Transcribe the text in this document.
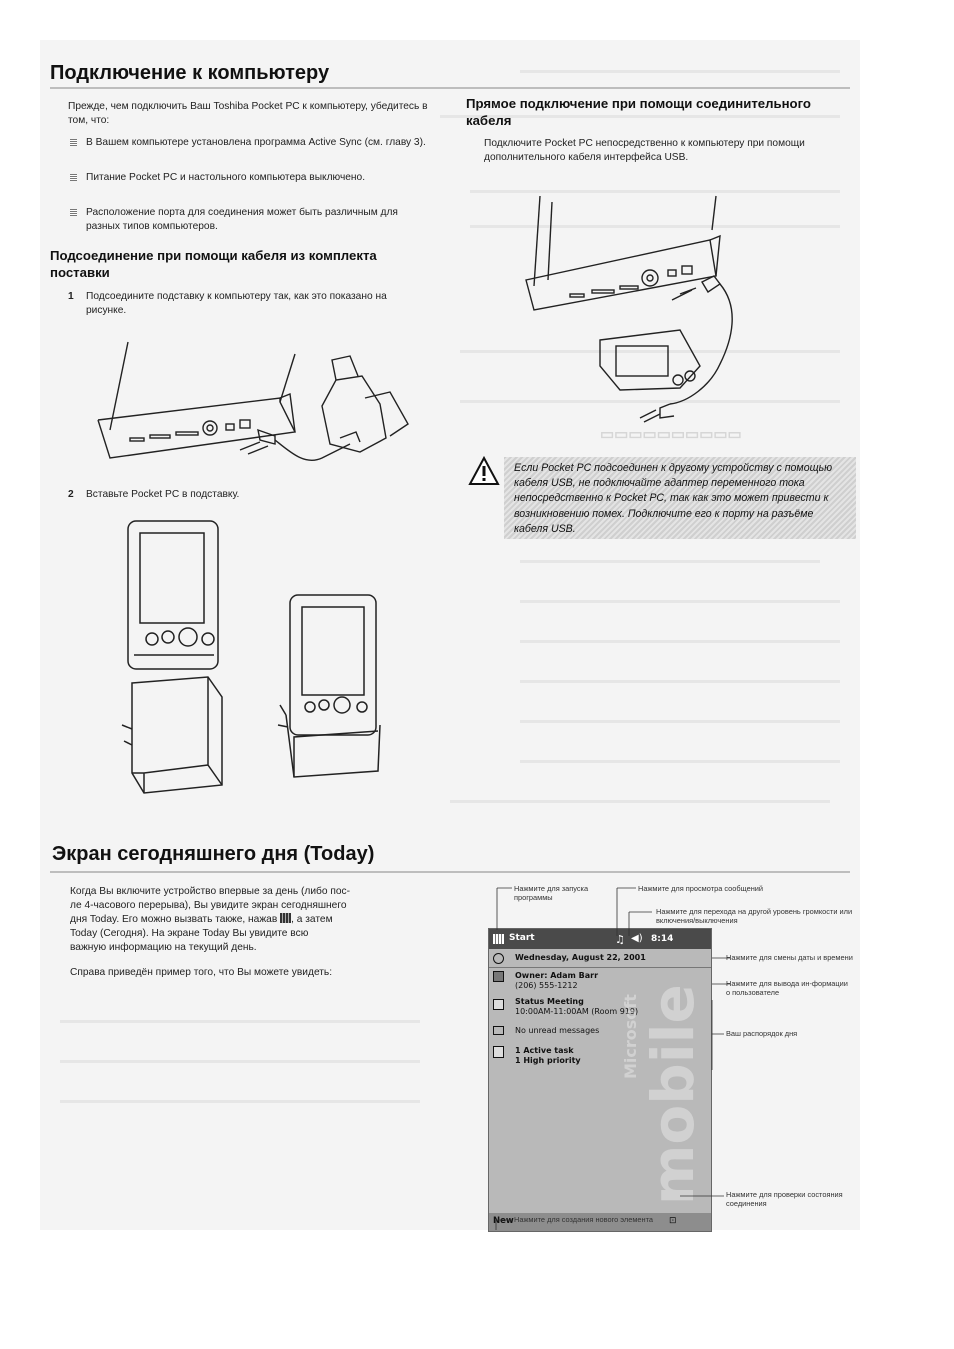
▭▭▭▭▭▭▭▭▭▭
Подключение к компьютеру
Прежде, чем подключить Ваш Toshiba Pocket PC к компьютеру, убедитесь в том, что:
В Вашем компьютере установлена программа Active Sync (см. главу 3).
Питание Pocket PC и настольного компьютера выключено.
Расположение порта для соединения может быть различным для разных типов компьютеров.
Подсоединение при помощи кабеля из комплекта поставки
1 Подсоедините подставку к компьютеру так, как это показано на рисунке.
2 Вставьте Pocket PC в подставку.
Прямое подключение при помощи соединительного кабеля
Подключите Pocket PC непосредственно к компьютеру при помощи дополнительного кабеля интерфейса USB.
Если Pocket PC подсоединен к другому устройству с помощью кабеля USB, не подключайте адаптер переменного тока непосредственно к Pocket PC, так как это может привести к возникновению помех. Подключите его к порту на разъёме кабеля USB.
Экран сегодняшнего дня (Today)
Когда Вы включите устройство впервые за день (либо пос-
ле 4-часового перерыва), Вы увидите экран сегодняшнего
дня Today. Его можно вызвать также, нажав , а затем
Today (Сегодня). На экране Today Вы увидите всю
важную информацию на текущий день.
Справа приведён пример того, что Вы можете увидеть:
Start	♫ ◀) 8:14
Wednesday, August 22, 2001
Owner: Adam Barr
(206) 555-1212
Status Meeting
10:00AM-11:00AM (Room 919)
No unread messages
1 Active task
1 High priority	Microsoft mobile
New	⊡
Нажмите для запуска программы
Нажмите для просмотра сообщений
Нажмите для перехода на другой уровень громкости или включения/выключения
Нажмите для смены даты и времени
Нажмите для вывода ин-формации о пользователе
Ваш распорядок дня
Нажмите для проверки состояния соединения
Нажмите для создания нового элемента
